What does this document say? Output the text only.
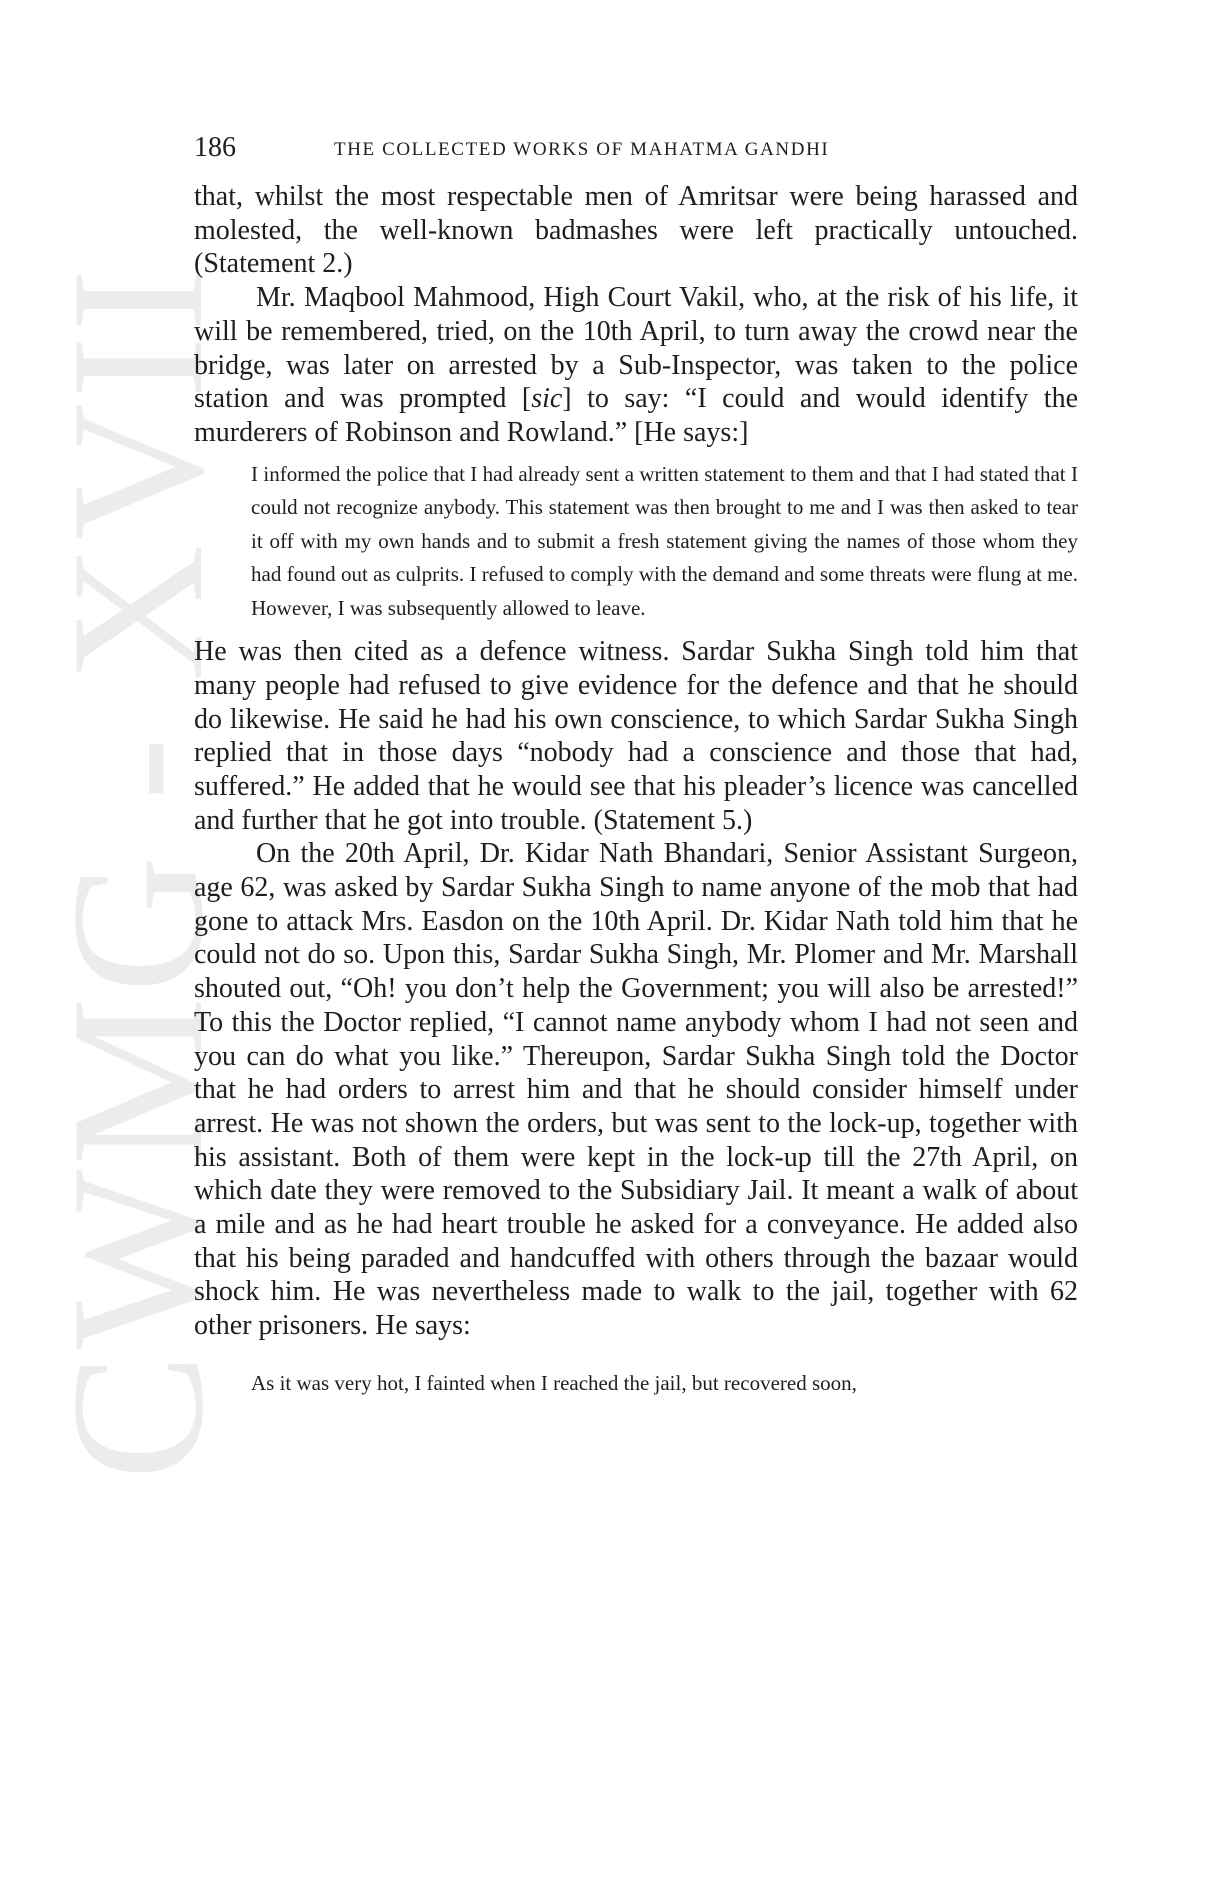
CWMG - XVII
186	THE COLLECTED WORKS OF MAHATMA GANDHI

that, whilst the most respectable men of Amritsar were being harassed and molested, the well-known badmashes were left practically untouched. (Statement 2.)

Mr. Maqbool Mahmood, High Court Vakil, who, at the risk of his life, it will be remembered, tried, on the 10th April, to turn away the crowd near the bridge, was later on arrested by a Sub-Inspector, was taken to the police station and was prompted [sic] to say: “I could and would identify the murderers of Robinson and Rowland.” [He says:]

I informed the police that I had already sent a written statement to them and that I had stated that I could not recognize anybody. This statement was then brought to me and I was then asked to tear it off with my own hands and to submit a fresh statement giving the names of those whom they had found out as culprits. I refused to comply with the demand and some threats were flung at me. However, I was subsequently allowed to leave.

He was then cited as a defence witness. Sardar Sukha Singh told him that many people had refused to give evidence for the defence and that he should do likewise. He said he had his own conscience, to which Sardar Sukha Singh replied that in those days “nobody had a conscience and those that had, suffered.” He added that he would see that his pleader’s licence was cancelled and further that he got into trouble. (Statement 5.)

On the 20th April, Dr. Kidar Nath Bhandari, Senior Assistant Surgeon, age 62, was asked by Sardar Sukha Singh to name anyone of the mob that had gone to attack Mrs. Easdon on the 10th April. Dr. Kidar Nath told him that he could not do so. Upon this, Sardar Sukha Singh, Mr. Plomer and Mr. Marshall shouted out, “Oh! you don’t help the Government; you will also be arrested!” To this the Doctor replied, “I cannot name anybody whom I had not seen and you can do what you like.” Thereupon, Sardar Sukha Singh told the Doctor that he had orders to arrest him and that he should consider himself under arrest. He was not shown the orders, but was sent to the lock-up, together with his assistant. Both of them were kept in the lock-up till the 27th April, on which date they were removed to the Subsidiary Jail. It meant a walk of about a mile and as he had heart trouble he asked for a conveyance. He added also that his being paraded and handcuffed with others through the bazaar would shock him. He was nevertheless made to walk to the jail, together with 62 other prisoners. He says:

As it was very hot, I fainted when I reached the jail, but recovered soon,
